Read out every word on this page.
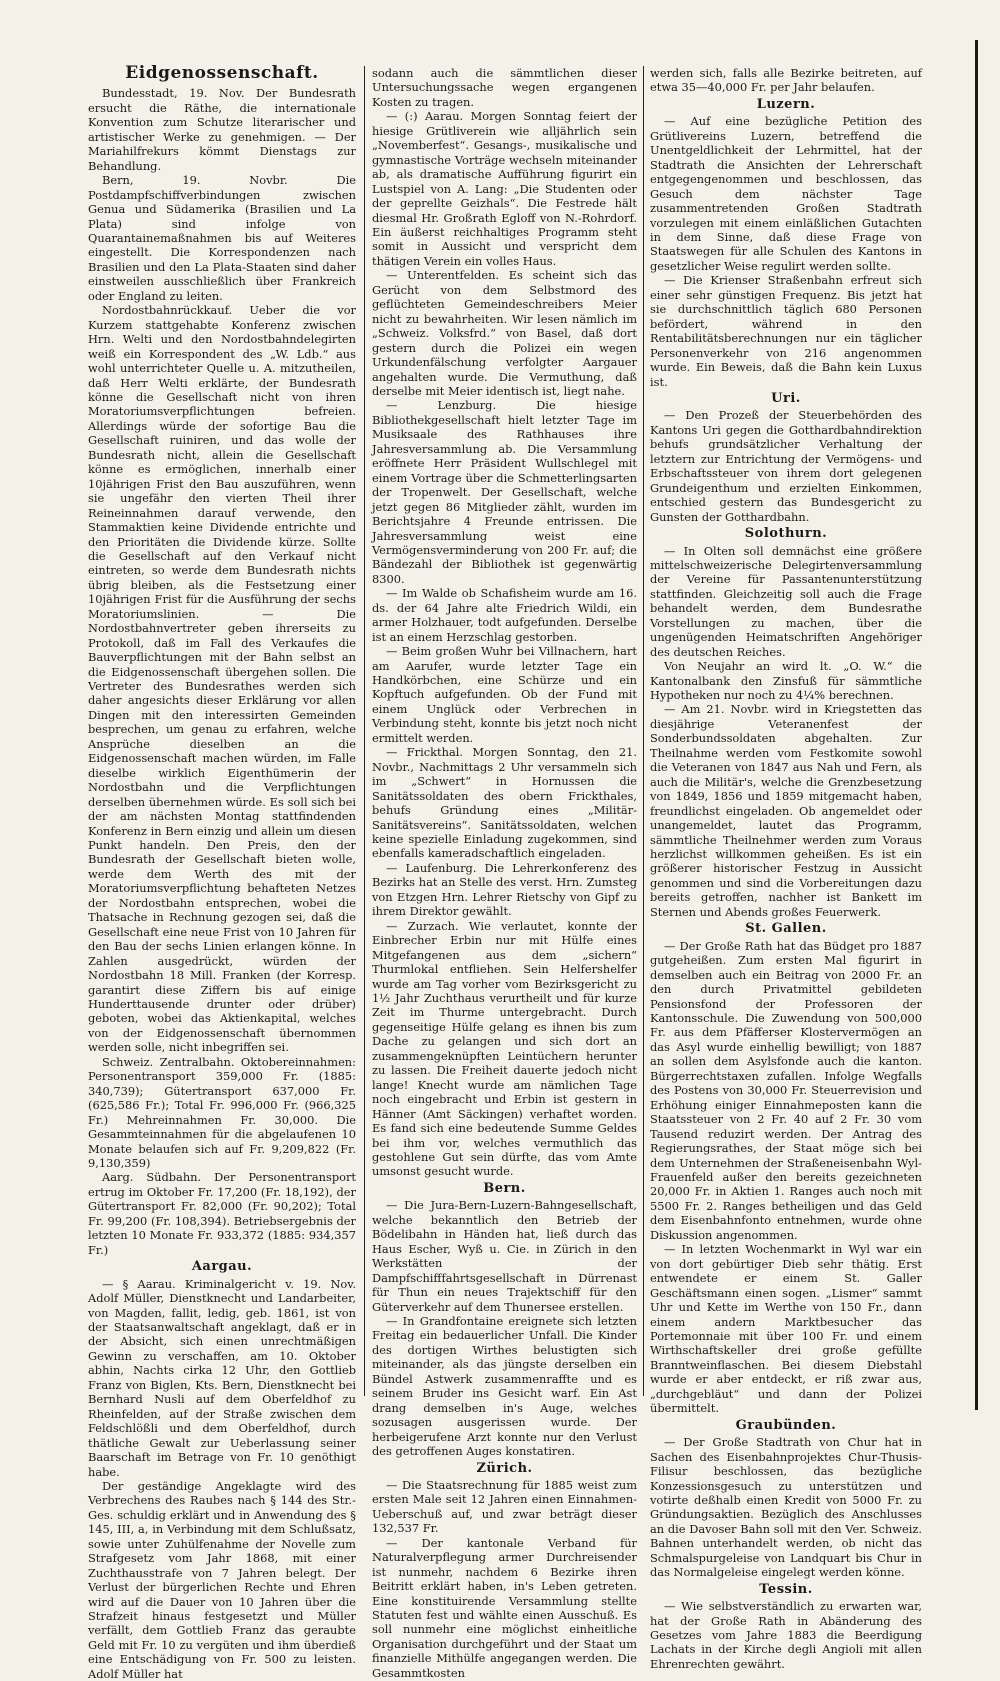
Eidgenossenschaft.

Bundesstadt, 19. Nov. Der Bundesrath ersucht die Räthe, die internationale Konvention zum Schutze literarischer und artistischer Werke zu genehmigen. — Der Mariahilfrekurs kömmt Dienstags zur Behandlung.

Bern, 19. Novbr. Die Postdampfschiffverbindungen zwischen Genua und Südamerika (Brasilien und La Plata) sind infolge von Quarantainemaßnahmen bis auf Weiteres eingestellt. Die Korrespondenzen nach Brasilien und den La Plata-Staaten sind daher einstweilen ausschließlich über Frankreich oder England zu leiten.

Nordostbahnrückkauf. Ueber die vor Kurzem stattgehabte Konferenz zwischen Hrn. Welti und den Nordostbahndelegirten weiß ein Korrespondent des „W. Ldb.“ aus wohl unterrichteter Quelle u. A. mitzutheilen, daß Herr Welti erklärte, der Bundesrath könne die Gesellschaft nicht von ihren Moratoriumsverpflichtungen befreien. Allerdings würde der sofortige Bau die Gesellschaft ruiniren, und das wolle der Bundesrath nicht, allein die Gesellschaft könne es ermöglichen, innerhalb einer 10jährigen Frist den Bau auszuführen, wenn sie ungefähr den vierten Theil ihrer Reineinnahmen darauf verwende, den Stammaktien keine Dividende entrichte und den Prioritäten die Dividende kürze. Sollte die Gesellschaft auf den Verkauf nicht eintreten, so werde dem Bundesrath nichts übrig bleiben, als die Festsetzung einer 10jährigen Frist für die Ausführung der sechs Moratoriumslinien. — Die Nordostbahnvertreter geben ihrerseits zu Protokoll, daß im Fall des Verkaufes die Bauverpflichtungen mit der Bahn selbst an die Eidgenossenschaft übergehen sollen. Die Vertreter des Bundesrathes werden sich daher angesichts dieser Erklärung vor allen Dingen mit den interessirten Gemeinden besprechen, um genau zu erfahren, welche Ansprüche dieselben an die Eidgenossenschaft machen würden, im Falle dieselbe wirklich Eigenthümerin der Nordostbahn und die Verpflichtungen derselben übernehmen würde. Es soll sich bei der am nächsten Montag stattfindenden Konferenz in Bern einzig und allein um diesen Punkt handeln. Den Preis, den der Bundesrath der Gesellschaft bieten wolle, werde dem Werth des mit der Moratoriumsverpflichtung behafteten Netzes der Nordostbahn entsprechen, wobei die Thatsache in Rechnung gezogen sei, daß die Gesellschaft eine neue Frist von 10 Jahren für den Bau der sechs Linien erlangen könne. In Zahlen ausgedrückt, würden der Nordostbahn 18 Mill. Franken (der Korresp. garantirt diese Ziffern bis auf einige Hunderttausende drunter oder drüber) geboten, wobei das Aktienkapital, welches von der Eidgenossenschaft übernommen werden solle, nicht inbegriffen sei.

Schweiz. Zentralbahn. Oktobereinnahmen: Personentransport 359,000 Fr. (1885: 340,739); Gütertransport 637,000 Fr. (625,586 Fr.); Total Fr. 996,000 Fr. (966,325 Fr.) Mehreinnahmen Fr. 30,000. Die Gesammteinnahmen für die abgelaufenen 10 Monate belaufen sich auf Fr. 9,209,822 (Fr. 9,130,359)

Aarg. Südbahn. Der Personentransport ertrug im Oktober Fr. 17,200 (Fr. 18,192), der Gütertransport Fr. 82,000 (Fr. 90,202); Total Fr. 99,200 (Fr. 108,394). Betriebsergebnis der letzten 10 Monate Fr. 933,372 (1885: 934,357 Fr.)

Aargau.

— § Aarau. Kriminalgericht v. 19. Nov. Adolf Müller, Dienstknecht und Landarbeiter, von Magden, fallit, ledig, geb. 1861, ist von der Staatsanwaltschaft angeklagt, daß er in der Absicht, sich einen unrechtmäßigen Gewinn zu verschaffen, am 10. Oktober abhin, Nachts cirka 12 Uhr, den Gottlieb Franz von Biglen, Kts. Bern, Dienstknecht bei Bernhard Nusli auf dem Oberfeldhof zu Rheinfelden, auf der Straße zwischen dem Feldschlößli und dem Oberfeldhof, durch thätliche Gewalt zur Ueberlassung seiner Baarschaft im Betrage von Fr. 10 genöthigt habe.

Der geständige Angeklagte wird des Verbrechens des Raubes nach § 144 des Str.-Ges. schuldig erklärt und in Anwendung des § 145, III, a, in Verbindung mit dem Schlußsatz, sowie unter Zuhülfenahme der Novelle zum Strafgesetz vom Jahr 1868, mit einer Zuchthausstrafe von 7 Jahren belegt. Der Verlust der bürgerlichen Rechte und Ehren wird auf die Dauer von 10 Jahren über die Strafzeit hinaus festgesetzt und Müller verfällt, dem Gottlieb Franz das geraubte Geld mit Fr. 10 zu vergüten und ihm überdieß eine Entschädigung von Fr. 500 zu leisten. Adolf Müller hat

sodann auch die sämmtlichen dieser Untersuchungssache wegen ergangenen Kosten zu tragen.

— (:) Aarau. Morgen Sonntag feiert der hiesige Grütliverein wie alljährlich sein „Novemberfest“. Gesangs-, musikalische und gymnastische Vorträge wechseln miteinander ab, als dramatische Aufführung figurirt ein Lustspiel von A. Lang: „Die Studenten oder der geprellte Geizhals“. Die Festrede hält diesmal Hr. Großrath Egloff von N.-Rohrdorf. Ein äußerst reichhaltiges Programm steht somit in Aussicht und verspricht dem thätigen Verein ein volles Haus.

— Unterentfelden. Es scheint sich das Gerücht von dem Selbstmord des geflüchteten Gemeindeschreibers Meier nicht zu bewahrheiten. Wir lesen nämlich im „Schweiz. Volksfrd.“ von Basel, daß dort gestern durch die Polizei ein wegen Urkundenfälschung verfolgter Aargauer angehalten wurde. Die Vermuthung, daß derselbe mit Meier identisch ist, liegt nahe.

— Lenzburg. Die hiesige Bibliothekgesellschaft hielt letzter Tage im Musiksaale des Rathhauses ihre Jahresversammlung ab. Die Versammlung eröffnete Herr Präsident Wullschlegel mit einem Vortrage über die Schmetterlingsarten der Tropenwelt. Der Gesellschaft, welche jetzt gegen 86 Mitglieder zählt, wurden im Berichtsjahre 4 Freunde entrissen. Die Jahresversammlung weist eine Vermögensverminderung von 200 Fr. auf; die Bändezahl der Bibliothek ist gegenwärtig 8300.

— Im Walde ob Schafisheim wurde am 16. ds. der 64 Jahre alte Friedrich Wildi, ein armer Holzhauer, todt aufgefunden. Derselbe ist an einem Herzschlag gestorben.

— Beim großen Wuhr bei Villnachern, hart am Aarufer, wurde letzter Tage ein Handkörbchen, eine Schürze und ein Kopftuch aufgefunden. Ob der Fund mit einem Unglück oder Verbrechen in Verbindung steht, konnte bis jetzt noch nicht ermittelt werden.

— Frickthal. Morgen Sonntag, den 21. Novbr., Nachmittags 2 Uhr versammeln sich im „Schwert“ in Hornussen die Sanitätssoldaten des obern Frickthales, behufs Gründung eines „Militär-Sanitätsvereins“. Sanitätssoldaten, welchen keine spezielle Einladung zugekommen, sind ebenfalls kameradschaftlich eingeladen.

— Laufenburg. Die Lehrerkonferenz des Bezirks hat an Stelle des verst. Hrn. Zumsteg von Etzgen Hrn. Lehrer Rietschy von Gipf zu ihrem Direktor gewählt.

— Zurzach. Wie verlautet, konnte der Einbrecher Erbin nur mit Hülfe eines Mitgefangenen aus dem „sichern“ Thurmlokal entfliehen. Sein Helfershelfer wurde am Tag vorher vom Bezirksgericht zu 1½ Jahr Zuchthaus verurtheilt und für kurze Zeit im Thurme untergebracht. Durch gegenseitige Hülfe gelang es ihnen bis zum Dache zu gelangen und sich dort an zusammengeknüpften Leintüchern herunter zu lassen. Die Freiheit dauerte jedoch nicht lange! Knecht wurde am nämlichen Tage noch eingebracht und Erbin ist gestern in Hänner (Amt Säckingen) verhaftet worden. Es fand sich eine bedeutende Summe Geldes bei ihm vor, welches vermuthlich das gestohlene Gut sein dürfte, das vom Amte umsonst gesucht wurde.

Bern.

— Die Jura-Bern-Luzern-Bahngesellschaft, welche bekanntlich den Betrieb der Bödelibahn in Händen hat, ließ durch das Haus Escher, Wyß u. Cie. in Zürich in den Werkstätten der Dampfschifffahrtsgesellschaft in Dürrenast für Thun ein neues Trajektschiff für den Güterverkehr auf dem Thunersee erstellen.

— In Grandfontaine ereignete sich letzten Freitag ein bedauerlicher Unfall. Die Kinder des dortigen Wirthes belustigten sich miteinander, als das jüngste derselben ein Bündel Astwerk zusammenraffte und es seinem Bruder ins Gesicht warf. Ein Ast drang demselben in's Auge, welches sozusagen ausgerissen wurde. Der herbeigerufene Arzt konnte nur den Verlust des getroffenen Auges konstatiren.

Zürich.

— Die Staatsrechnung für 1885 weist zum ersten Male seit 12 Jahren einen Einnahmen-Ueberschuß auf, und zwar beträgt dieser 132,537 Fr.

— Der kantonale Verband für Naturalverpflegung armer Durchreisender ist nunmehr, nachdem 6 Bezirke ihren Beitritt erklärt haben, in's Leben getreten. Eine konstituirende Versammlung stellte Statuten fest und wählte einen Ausschuß. Es soll nunmehr eine möglichst einheitliche Organisation durchgeführt und der Staat um finanzielle Mithülfe angegangen werden. Die Gesammtkosten

werden sich, falls alle Bezirke beitreten, auf etwa 35—40,000 Fr. per Jahr belaufen.

Luzern.

— Auf eine bezügliche Petition des Grütlivereins Luzern, betreffend die Unentgeldlichkeit der Lehrmittel, hat der Stadtrath die Ansichten der Lehrerschaft entgegengenommen und beschlossen, das Gesuch dem nächster Tage zusammentretenden Großen Stadtrath vorzulegen mit einem einläßlichen Gutachten in dem Sinne, daß diese Frage von Staatswegen für alle Schulen des Kantons in gesetzlicher Weise regulirt werden sollte.

— Die Krienser Straßenbahn erfreut sich einer sehr günstigen Frequenz. Bis jetzt hat sie durchschnittlich täglich 680 Personen befördert, während in den Rentabilitätsberechnungen nur ein täglicher Personenverkehr von 216 angenommen wurde. Ein Beweis, daß die Bahn kein Luxus ist.

Uri.

— Den Prozeß der Steuerbehörden des Kantons Uri gegen die Gotthardbahndirektion behufs grundsätzlicher Verhaltung der letztern zur Entrichtung der Vermögens- und Erbschaftssteuer von ihrem dort gelegenen Grundeigenthum und erzielten Einkommen, entschied gestern das Bundesgericht zu Gunsten der Gotthardbahn.

Solothurn.

— In Olten soll demnächst eine größere mittelschweizerische Delegirtenversammlung der Vereine für Passantenunterstützung stattfinden. Gleichzeitig soll auch die Frage behandelt werden, dem Bundesrathe Vorstellungen zu machen, über die ungenügenden Heimatschriften Angehöriger des deutschen Reiches.

Von Neujahr an wird lt. „O. W.“ die Kantonalbank den Zinsfuß für sämmtliche Hypotheken nur noch zu 4¼% berechnen.

— Am 21. Novbr. wird in Kriegstetten das diesjährige Veteranenfest der Sonderbundssoldaten abgehalten. Zur Theilnahme werden vom Festkomite sowohl die Veteranen von 1847 aus Nah und Fern, als auch die Militär's, welche die Grenzbesetzung von 1849, 1856 und 1859 mitgemacht haben, freundlichst eingeladen. Ob angemeldet oder unangemeldet, lautet das Programm, sämmtliche Theilnehmer werden zum Voraus herzlichst willkommen geheißen. Es ist ein größerer historischer Festzug in Aussicht genommen und sind die Vorbereitungen dazu bereits getroffen, nachher ist Bankett im Sternen und Abends großes Feuerwerk.

St. Gallen.

— Der Große Rath hat das Büdget pro 1887 gutgeheißen. Zum ersten Mal figurirt in demselben auch ein Beitrag von 2000 Fr. an den durch Privatmittel gebildeten Pensionsfond der Professoren der Kantonsschule. Die Zuwendung von 500,000 Fr. aus dem Pfäfferser Klostervermögen an das Asyl wurde einhellig bewilligt; von 1887 an sollen dem Asylsfonde auch die kanton. Bürgerrechtstaxen zufallen. Infolge Wegfalls des Postens von 30,000 Fr. Steuerrevision und Erhöhung einiger Einnahmeposten kann die Staatssteuer von 2 Fr. 40 auf 2 Fr. 30 vom Tausend reduzirt werden. Der Antrag des Regierungsrathes, der Staat möge sich bei dem Unternehmen der Straßeneisenbahn Wyl-Frauenfeld außer den bereits gezeichneten 20,000 Fr. in Aktien 1. Ranges auch noch mit 5500 Fr. 2. Ranges betheiligen und das Geld dem Eisenbahnfonto entnehmen, wurde ohne Diskussion angenommen.

— In letzten Wochenmarkt in Wyl war ein von dort gebürtiger Dieb sehr thätig. Erst entwendete er einem St. Galler Geschäftsmann einen sogen. „Lismer“ sammt Uhr und Kette im Werthe von 150 Fr., dann einem andern Marktbesucher das Portemonnaie mit über 100 Fr. und einem Wirthschaftskeller drei große gefüllte Branntweinflaschen. Bei diesem Diebstahl wurde er aber entdeckt, er riß zwar aus, „durchgebläut“ und dann der Polizei übermittelt.

Graubünden.

— Der Große Stadtrath von Chur hat in Sachen des Eisenbahnprojektes Chur-Thusis-Filisur beschlossen, das bezügliche Konzessionsgesuch zu unterstützen und votirte deßhalb einen Kredit von 5000 Fr. zu Gründungsaktien. Bezüglich des Anschlusses an die Davoser Bahn soll mit den Ver. Schweiz. Bahnen unterhandelt werden, ob nicht das Schmalspurgeleise von Landquart bis Chur in das Normalgeleise eingelegt werden könne.

Tessin.

— Wie selbstverständlich zu erwarten war, hat der Große Rath in Abänderung des Gesetzes vom Jahre 1883 die Beerdigung Lachats in der Kirche degli Angioli mit allen Ehrenrechten gewährt.
